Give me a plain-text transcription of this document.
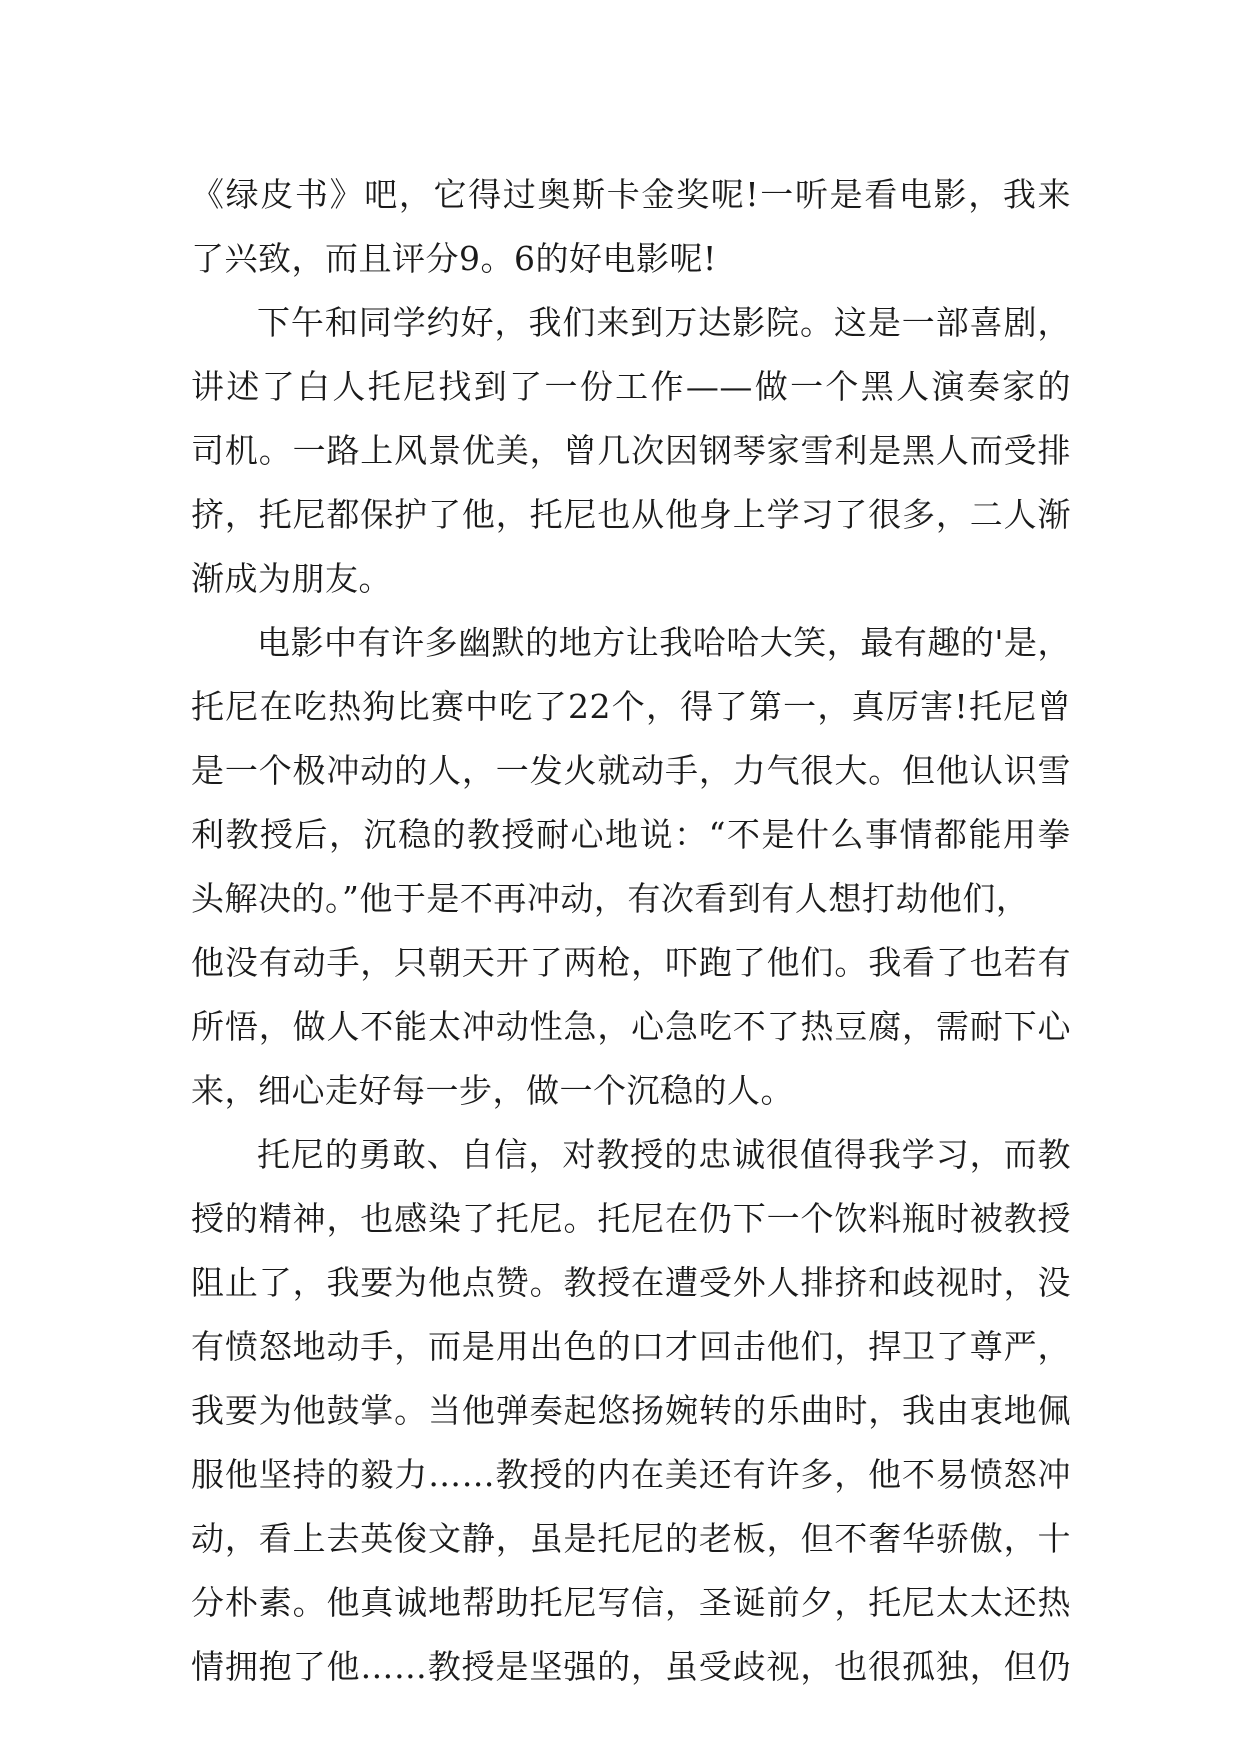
《绿皮书》吧，它得过奥斯卡金奖呢!一听是看电影，我来
了兴致，而且评分9。6的好电影呢!
下午和同学约好，我们来到万达影院。这是一部喜剧，
讲述了白人托尼找到了一份工作——做一个黑人演奏家的
司机。一路上风景优美，曾几次因钢琴家雪利是黑人而受排
挤，托尼都保护了他，托尼也从他身上学习了很多，二人渐
渐成为朋友。
电影中有许多幽默的地方让我哈哈大笑，最有趣的'是，
托尼在吃热狗比赛中吃了22个，得了第一，真厉害!托尼曾
是一个极冲动的人，一发火就动手，力气很大。但他认识雪
利教授后，沉稳的教授耐心地说：“不是什么事情都能用拳
头解决的。”他于是不再冲动，有次看到有人想打劫他们，
他没有动手，只朝天开了两枪，吓跑了他们。我看了也若有
所悟，做人不能太冲动性急，心急吃不了热豆腐，需耐下心
来，细心走好每一步，做一个沉稳的人。
托尼的勇敢、自信，对教授的忠诚很值得我学习，而教
授的精神，也感染了托尼。托尼在仍下一个饮料瓶时被教授
阻止了，我要为他点赞。教授在遭受外人排挤和歧视时，没
有愤怒地动手，而是用出色的口才回击他们，捍卫了尊严，
我要为他鼓掌。当他弹奏起悠扬婉转的乐曲时，我由衷地佩
服他坚持的毅力……教授的内在美还有许多，他不易愤怒冲
动，看上去英俊文静，虽是托尼的老板，但不奢华骄傲，十
分朴素。他真诚地帮助托尼写信，圣诞前夕，托尼太太还热
情拥抱了他……教授是坚强的，虽受歧视，也很孤独，但仍
